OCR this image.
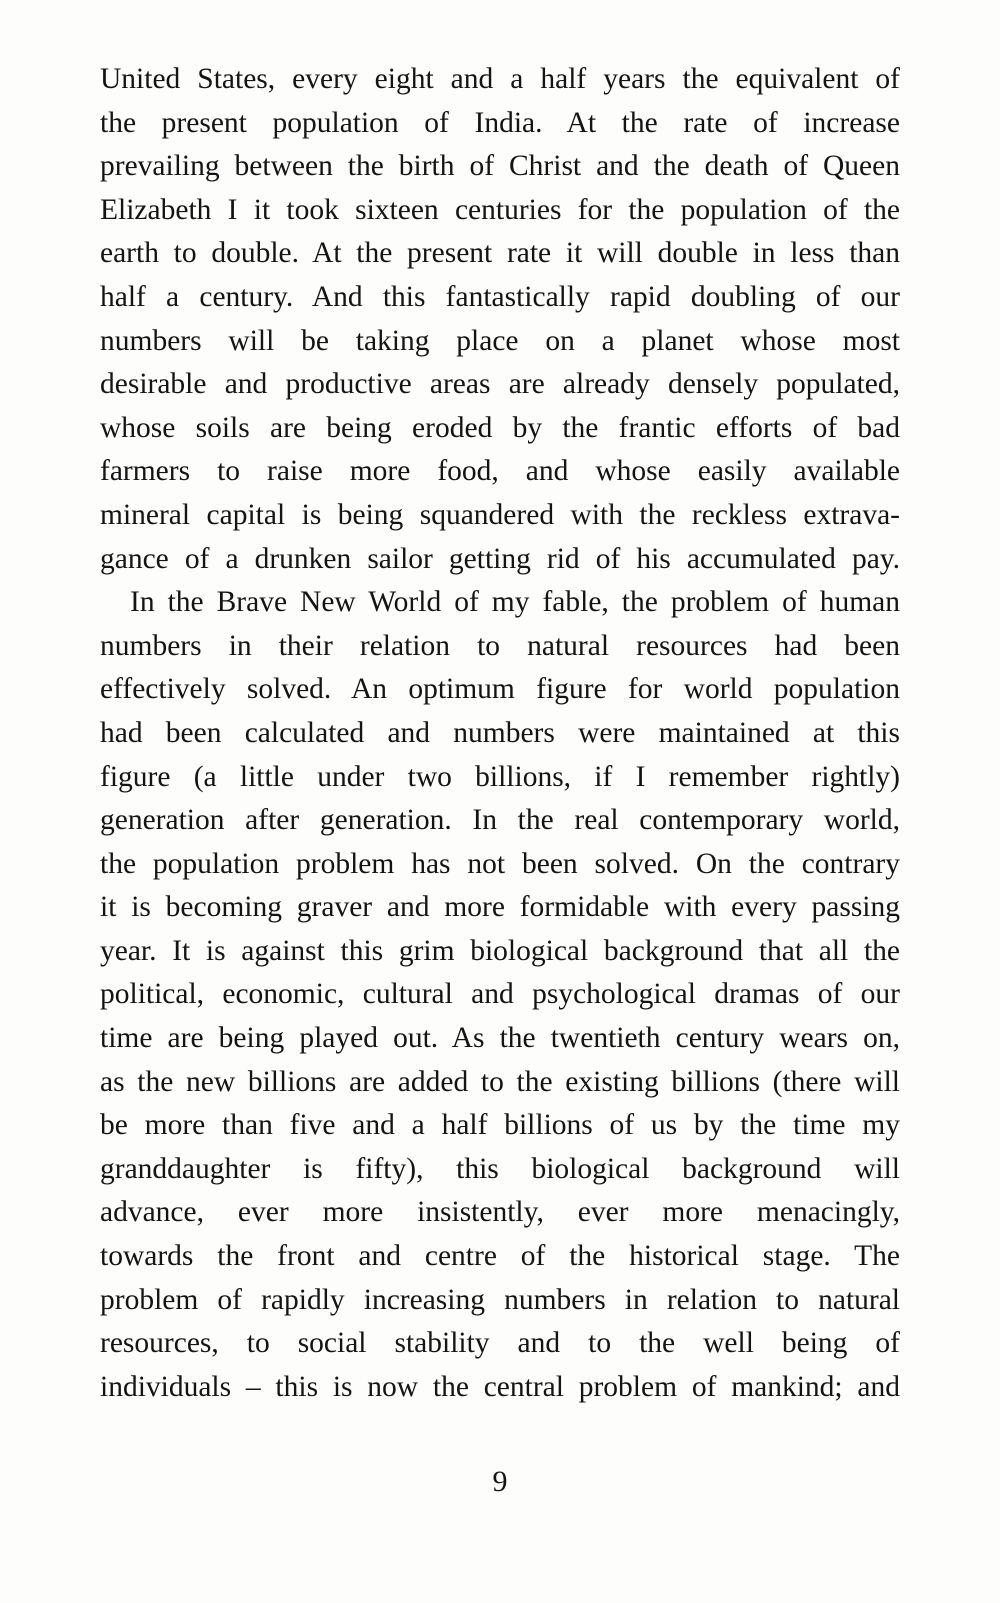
United States, every eight and a half years the equivalent of
the present population of India. At the rate of increase
prevailing between the birth of Christ and the death of Queen
Elizabeth I it took sixteen centuries for the population of the
earth to double. At the present rate it will double in less than
half a century. And this fantastically rapid doubling of our
numbers will be taking place on a planet whose most
desirable and productive areas are already densely populated,
whose soils are being eroded by the frantic efforts of bad
farmers to raise more food, and whose easily available
mineral capital is being squandered with the reckless extrava-
gance of a drunken sailor getting rid of his accumulated pay.
In the Brave New World of my fable, the problem of human
numbers in their relation to natural resources had been
effectively solved. An optimum figure for world population
had been calculated and numbers were maintained at this
figure (a little under two billions, if I remember rightly)
generation after generation. In the real contemporary world,
the population problem has not been solved. On the contrary
it is becoming graver and more formidable with every passing
year. It is against this grim biological background that all the
political, economic, cultural and psychological dramas of our
time are being played out. As the twentieth century wears on,
as the new billions are added to the existing billions (there will
be more than five and a half billions of us by the time my
granddaughter is fifty), this biological background will
advance, ever more insistently, ever more menacingly,
towards the front and centre of the historical stage. The
problem of rapidly increasing numbers in relation to natural
resources, to social stability and to the well being of
individuals – this is now the central problem of mankind; and
9
